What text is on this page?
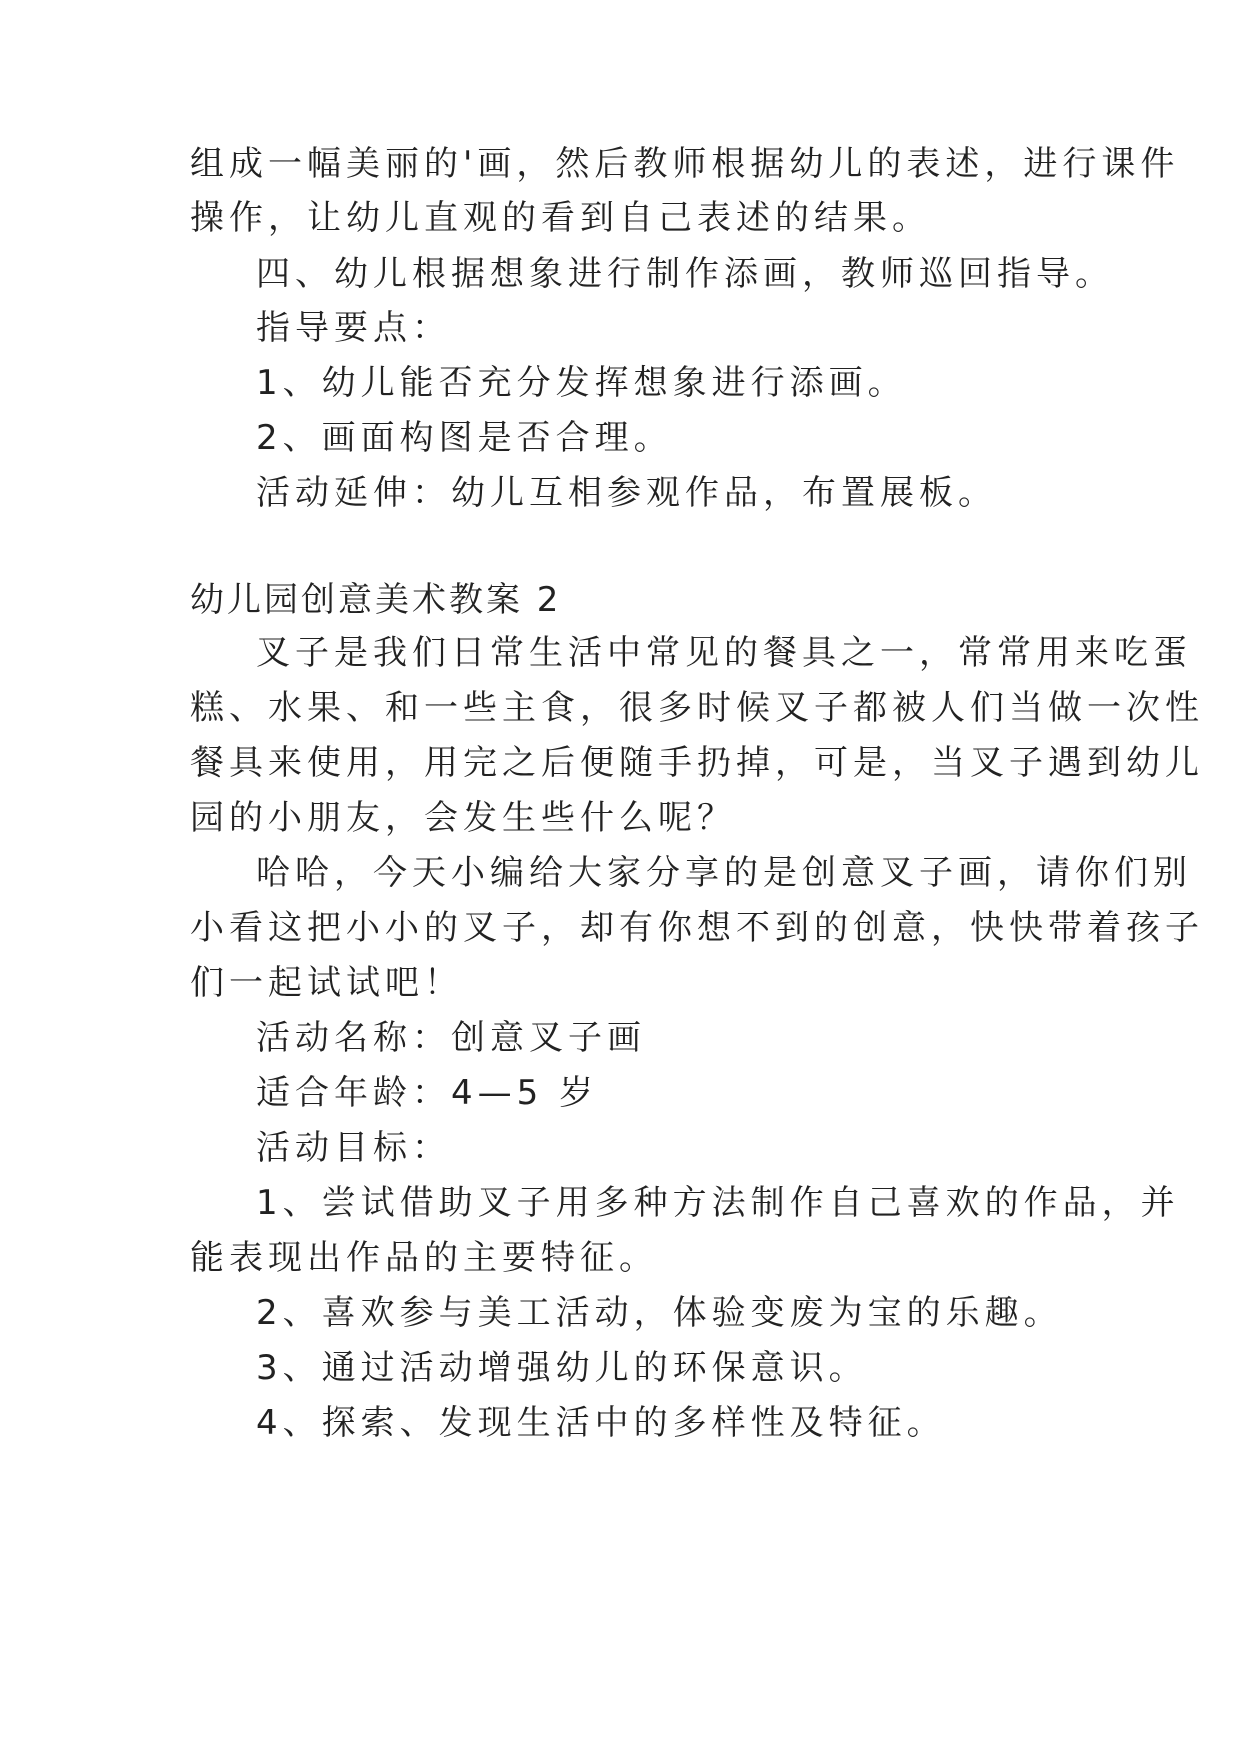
组成一幅美丽的'画，然后教师根据幼儿的表述，进行课件
操作，让幼儿直观的看到自己表述的结果。
四、幼儿根据想象进行制作添画，教师巡回指导。
指导要点：
1、幼儿能否充分发挥想象进行添画。
2、画面构图是否合理。
活动延伸：幼儿互相参观作品，布置展板。
幼儿园创意美术教案 2
叉子是我们日常生活中常见的餐具之一，常常用来吃蛋
糕、水果、和一些主食，很多时候叉子都被人们当做一次性
餐具来使用，用完之后便随手扔掉，可是，当叉子遇到幼儿
园的小朋友，会发生些什么呢？
哈哈，今天小编给大家分享的是创意叉子画，请你们别
小看这把小小的叉子，却有你想不到的创意，快快带着孩子
们一起试试吧！
活动名称：创意叉子画
适合年龄：4—5 岁
活动目标：
1、尝试借助叉子用多种方法制作自己喜欢的作品，并
能表现出作品的主要特征。
2、喜欢参与美工活动，体验变废为宝的乐趣。
3、通过活动增强幼儿的环保意识。
4、探索、发现生活中的多样性及特征。
